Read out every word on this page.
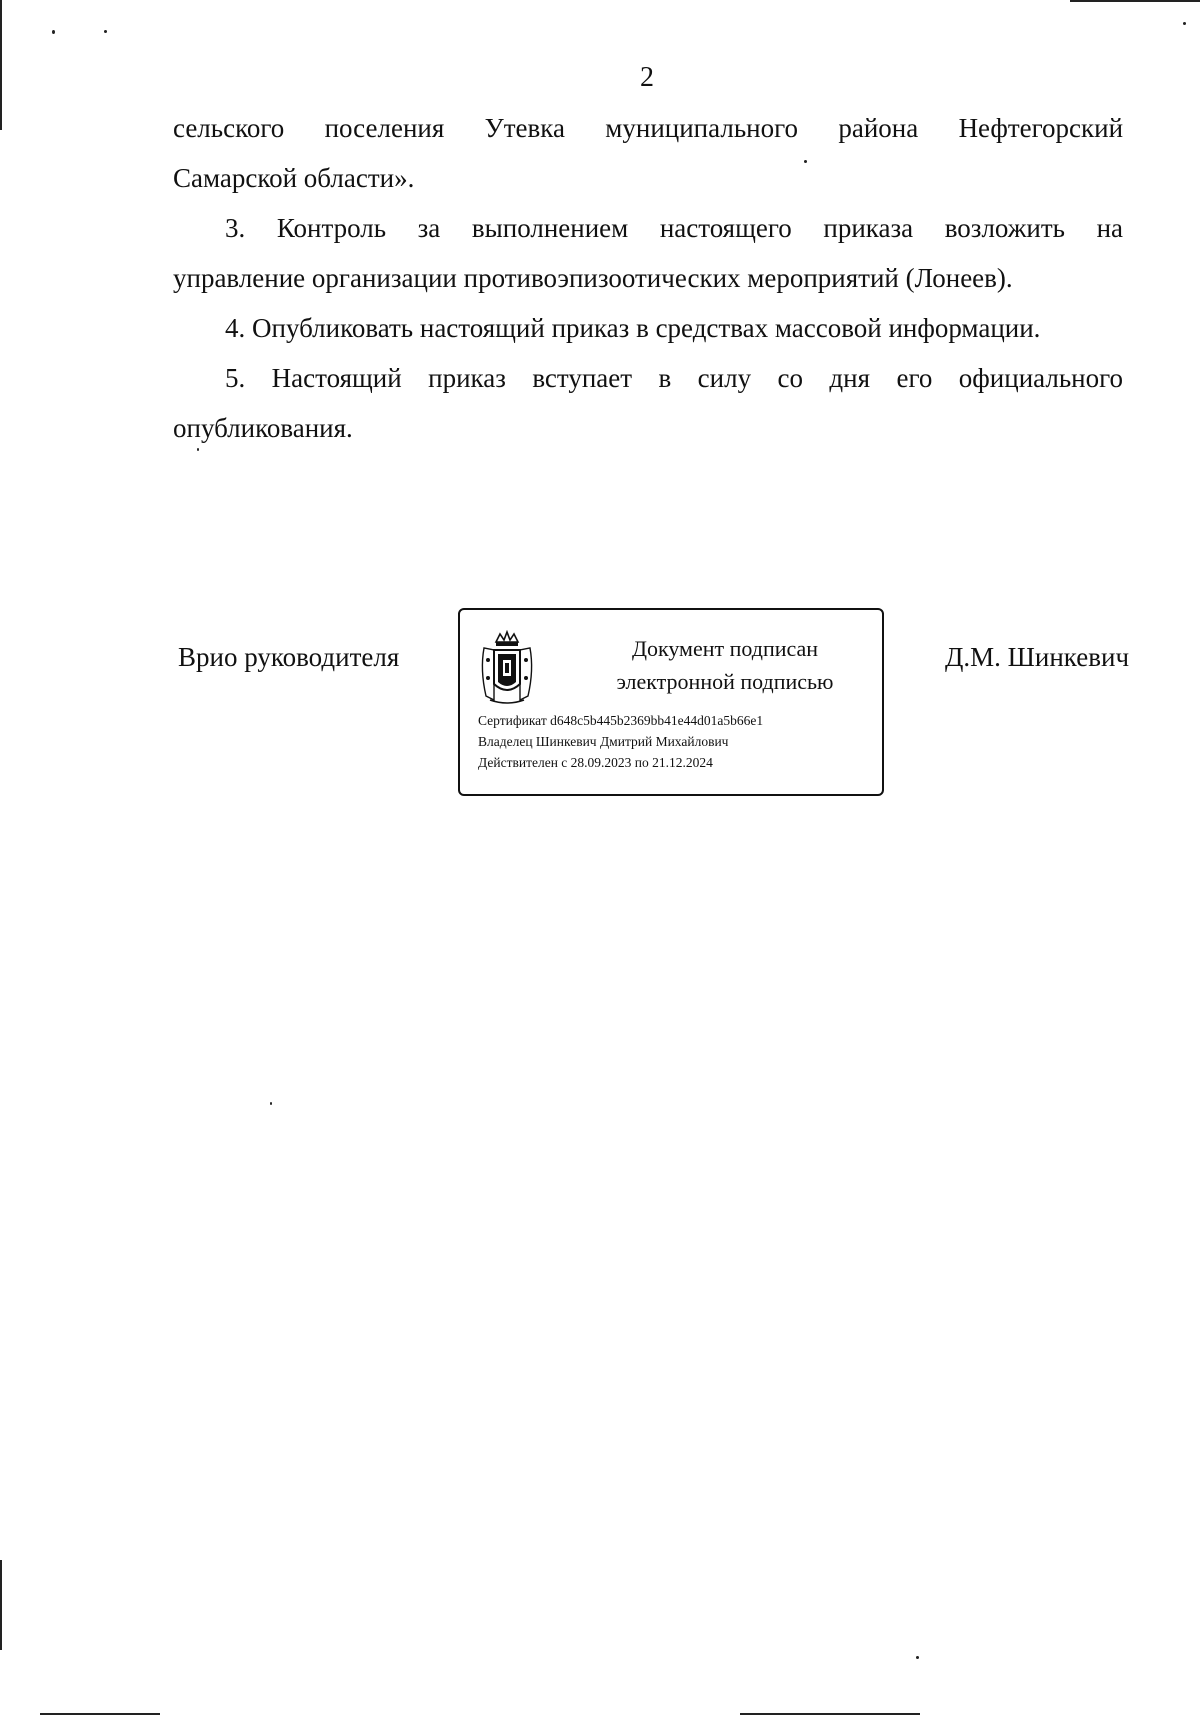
2
сельского поселения Утевка муниципального района Нефтегорский
Самарской области».
3. Контроль за выполнением настоящего приказа возложить на
управление организации противоэпизоотических мероприятий (Лонеев).
4. Опубликовать настоящий приказ в средствах массовой информации.
5. Настоящий приказ вступает в силу со дня его официального
опубликования.
Врио руководителя	Документ подписан
электронной подписью
Сертификат d648c5b445b2369bb41e44d01a5b66e1
Владелец Шинкевич Дмитрий Михайлович
Действителен с 28.09.2023 по 21.12.2024
Д.М. Шинкевич
